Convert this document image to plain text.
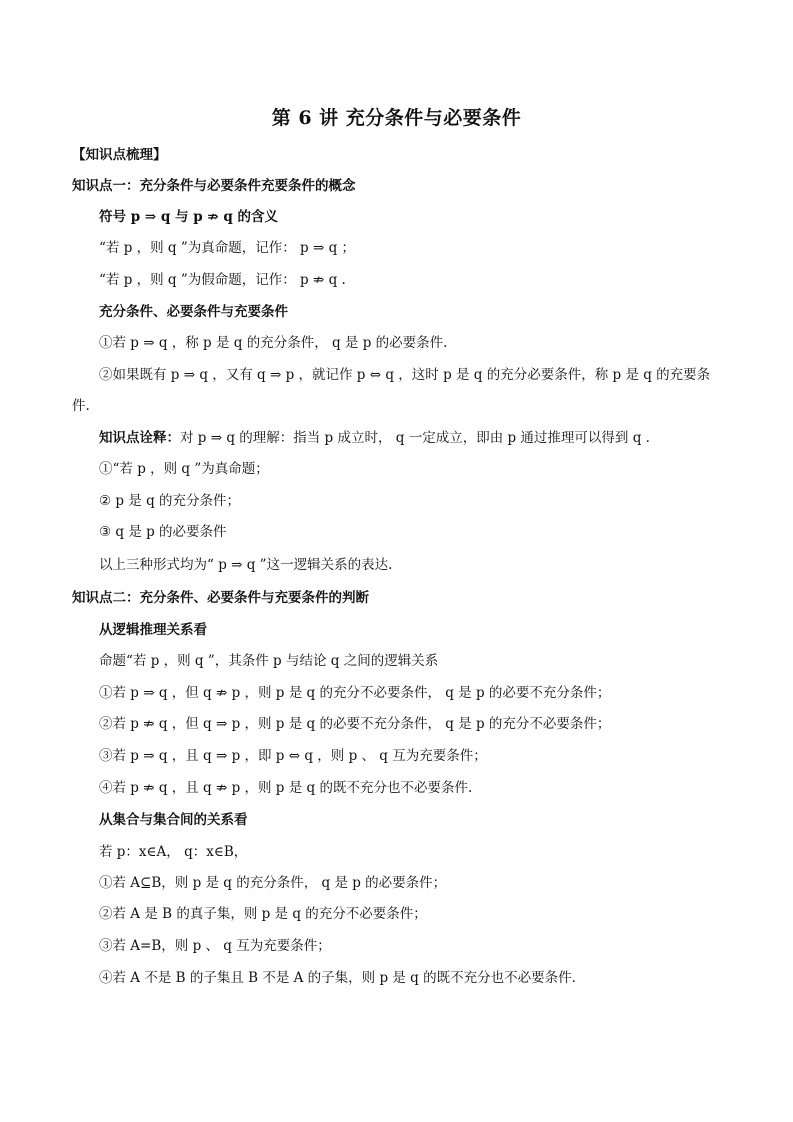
第 6 讲 充分条件与必要条件
【知识点梳理】
知识点一：充分条件与必要条件充要条件的概念
符号 p ⇒ q 与 p ⇏ q 的含义
“若 p ，则 q ”为真命题，记作： p ⇒ q ；
“若 p ，则 q ”为假命题，记作： p ⇏ q .
充分条件、必要条件与充要条件
①若 p ⇒ q ，称 p 是 q 的充分条件， q 是 p 的必要条件.
②如果既有 p ⇒ q ，又有 q ⇒ p ，就记作 p ⇔ q ，这时 p 是 q 的充分必要条件，称 p 是 q 的充要条
件.
知识点诠释：对 p ⇒ q 的理解：指当 p 成立时， q 一定成立，即由 p 通过推理可以得到 q .
①“若 p ，则 q ”为真命题；
② p 是 q 的充分条件；
③ q 是 p 的必要条件
以上三种形式均为“ p ⇒ q ”这一逻辑关系的表达.
知识点二：充分条件、必要条件与充要条件的判断
从逻辑推理关系看
命题“若 p ，则 q ”，其条件 p 与结论 q 之间的逻辑关系
①若 p ⇒ q ，但 q ⇏ p ，则 p 是 q 的充分不必要条件， q 是 p 的必要不充分条件；
②若 p ⇏ q ，但 q ⇒ p ，则 p 是 q 的必要不充分条件， q 是 p 的充分不必要条件；
③若 p ⇒ q ，且 q ⇒ p ，即 p ⇔ q ，则 p 、 q 互为充要条件；
④若 p ⇏ q ，且 q ⇏ p ，则 p 是 q 的既不充分也不必要条件.
从集合与集合间的关系看
若 p：x∈A， q：x∈B，
①若 A⊆B，则 p 是 q 的充分条件， q 是 p 的必要条件；
②若 A 是 B 的真子集，则 p 是 q 的充分不必要条件；
③若 A=B，则 p 、 q 互为充要条件；
④若 A 不是 B 的子集且 B 不是 A 的子集，则 p 是 q 的既不充分也不必要条件.
